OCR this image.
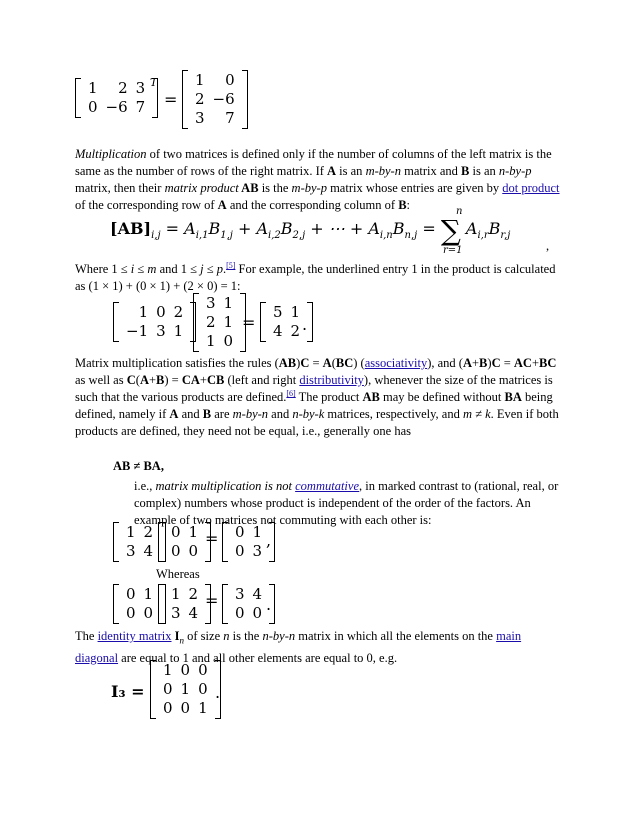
1	2 3
0 −6 7
T
=
1	0
2 −6
3	7
Multiplication of two matrices is defined only if the number of columns of the left matrix is the same as the number of rows of the right matrix. If A is an m-by-n matrix and B is an n-by-p matrix, then their matrix product AB is the m-by-p matrix whose entries are given by dot product of the corresponding row of A and the corresponding column of B:
$[AB]_{i,j} = A_{i,1}B_{1,j} + A_{i,2}B_{2,j}$ + ⋯ + $A_{i,n}B_{n,j}$ = ∑ $A_{i,r}B_{r,j}$
n
r=1	,
Where 1 ≤ i ≤ m and 1 ≤ j ≤ p.[5] For example, the underlined entry 1 in the product is calculated as (1 × 1) + (0 × 1) + (2 × 0) = 1:
1 0 2
−1 3 1
3 1
2 1
1 0
=
5 1
4 2 .
Matrix multiplication satisfies the rules (AB)C = A(BC) (associativity), and (A+B)C = AC+BC as well as C(A+B) = CA+CB (left and right distributivity), whenever the size of the matrices is such that the various products are defined.[6] The product AB may be defined without BA being defined, namely if A and B are m-by-n and n-by-k matrices, respectively, and m ≠ k. Even if both products are defined, they need not be equal, i.e., generally one has
AB ≠ BA,
i.e., matrix multiplication is not commutative, in marked contrast to (rational, real, or complex) numbers whose product is independent of the order of the factors. An example of two matrices not commuting with each other is:
1 2
3 4
0 1
0 0
= 0 1
0 3
,
Whereas
0 1
0 0
1 2
3 4
= 3 4
0 0 .
The identity matrix $I_n$ of size n is the n-by-n matrix in which all the elements on the main diagonal are equal to 1 and all other elements are equal to 0, e.g.
I₃ =
1 0 0
0 1 0
0 0 1
.
